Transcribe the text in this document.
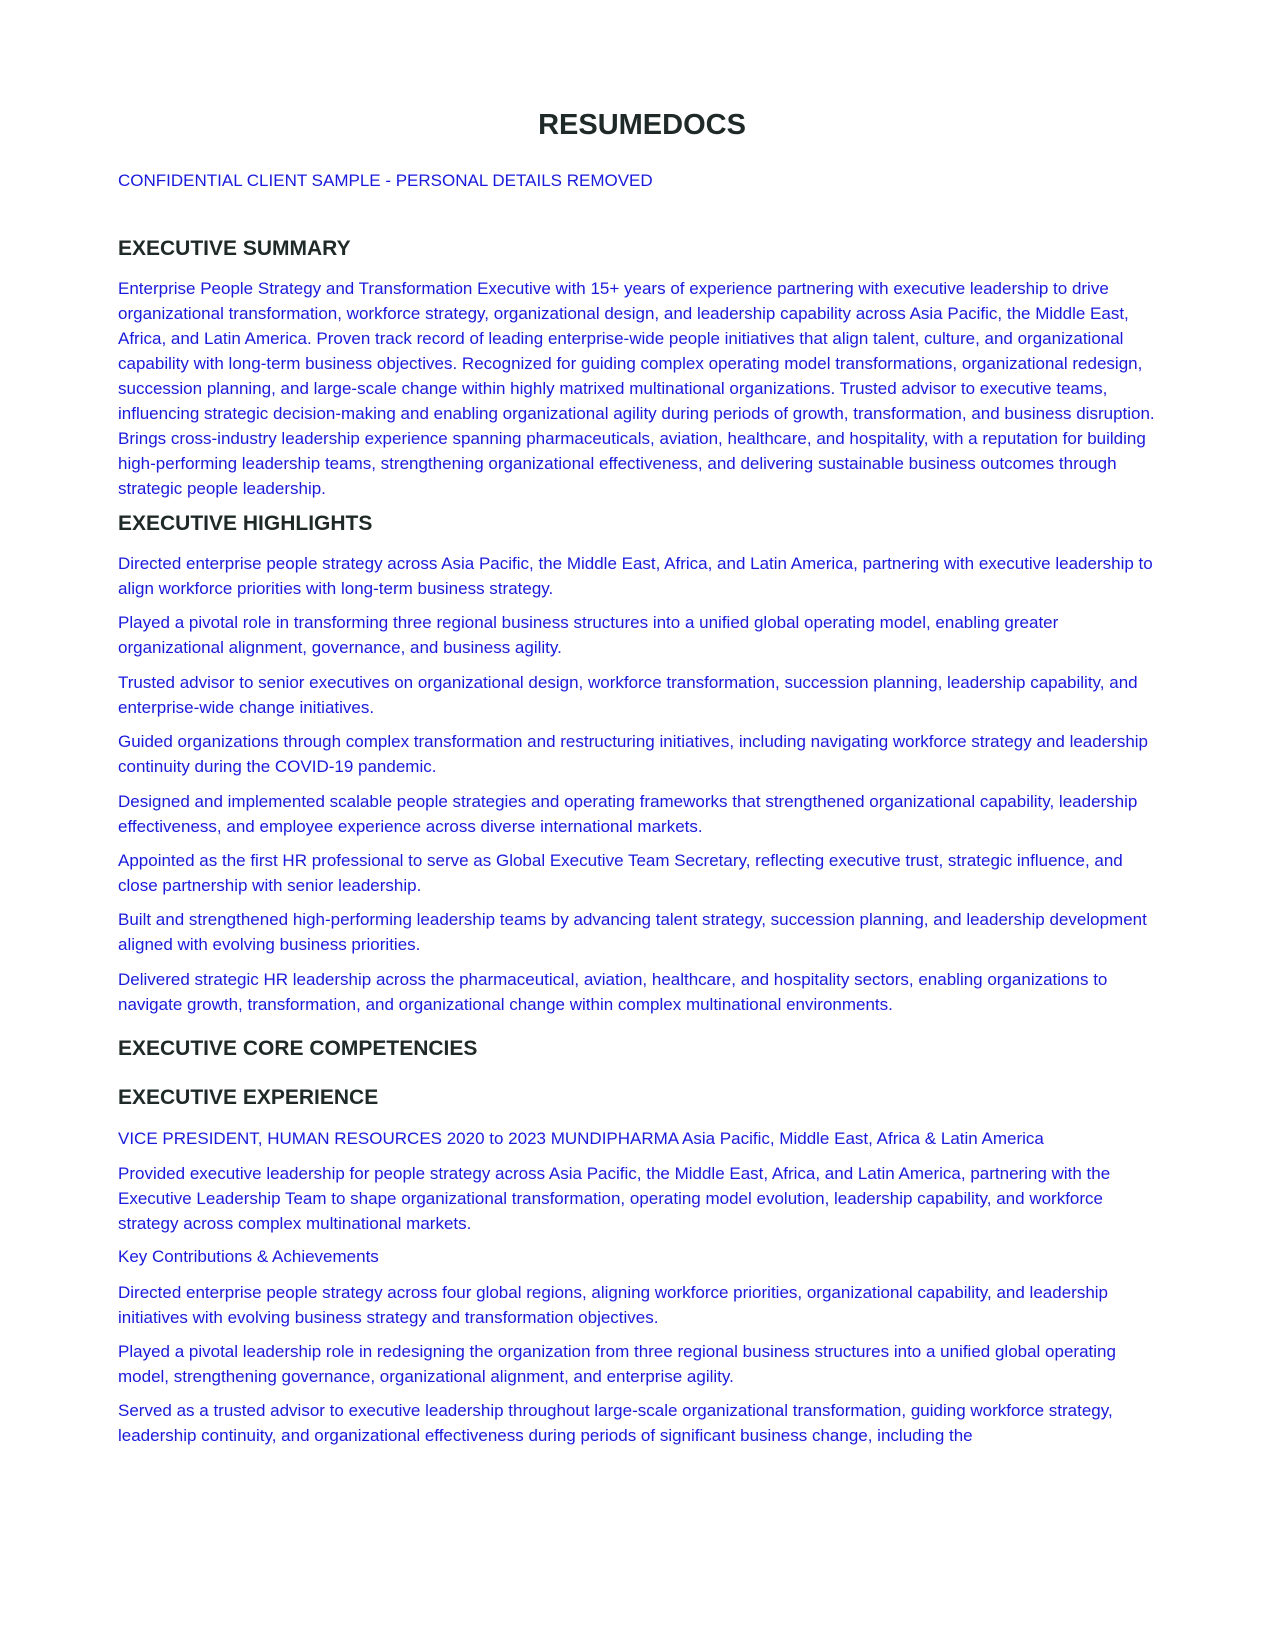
RESUMEDOCS

CONFIDENTIAL CLIENT SAMPLE - PERSONAL DETAILS REMOVED

EXECUTIVE SUMMARY

Enterprise People Strategy and Transformation Executive with 15+ years of experience partnering with executive leadership to drive organizational transformation, workforce strategy, organizational design, and leadership capability across Asia Pacific, the Middle East, Africa, and Latin America. Proven track record of leading enterprise-wide people initiatives that align talent, culture, and organizational capability with long-term business objectives. Recognized for guiding complex operating model transformations, organizational redesign, succession planning, and large-scale change within highly matrixed multinational organizations. Trusted advisor to executive teams, influencing strategic decision-making and enabling organizational agility during periods of growth, transformation, and business disruption. Brings cross-industry leadership experience spanning pharmaceuticals, aviation, healthcare, and hospitality, with a reputation for building high-performing leadership teams, strengthening organizational effectiveness, and delivering sustainable business outcomes through strategic people leadership.

EXECUTIVE HIGHLIGHTS

Directed enterprise people strategy across Asia Pacific, the Middle East, Africa, and Latin America, partnering with executive leadership to align workforce priorities with long-term business strategy.

Played a pivotal role in transforming three regional business structures into a unified global operating model, enabling greater organizational alignment, governance, and business agility.

Trusted advisor to senior executives on organizational design, workforce transformation, succession planning, leadership capability, and enterprise-wide change initiatives.

Guided organizations through complex transformation and restructuring initiatives, including navigating workforce strategy and leadership continuity during the COVID-19 pandemic.

Designed and implemented scalable people strategies and operating frameworks that strengthened organizational capability, leadership effectiveness, and employee experience across diverse international markets.

Appointed as the first HR professional to serve as Global Executive Team Secretary, reflecting executive trust, strategic influence, and close partnership with senior leadership.

Built and strengthened high-performing leadership teams by advancing talent strategy, succession planning, and leadership development aligned with evolving business priorities.

Delivered strategic HR leadership across the pharmaceutical, aviation, healthcare, and hospitality sectors, enabling organizations to navigate growth, transformation, and organizational change within complex multinational environments.

EXECUTIVE CORE COMPETENCIES
EXECUTIVE EXPERIENCE

VICE PRESIDENT, HUMAN RESOURCES 2020 to 2023 MUNDIPHARMA Asia Pacific, Middle East, Africa & Latin America

Provided executive leadership for people strategy across Asia Pacific, the Middle East, Africa, and Latin America, partnering with the Executive Leadership Team to shape organizational transformation, operating model evolution, leadership capability, and workforce strategy across complex multinational markets.

Key Contributions & Achievements

Directed enterprise people strategy across four global regions, aligning workforce priorities, organizational capability, and leadership initiatives with evolving business strategy and transformation objectives.

Played a pivotal leadership role in redesigning the organization from three regional business structures into a unified global operating model, strengthening governance, organizational alignment, and enterprise agility.

Served as a trusted advisor to executive leadership throughout large-scale organizational transformation, guiding workforce strategy, leadership continuity, and organizational effectiveness during periods of significant business change, including the
